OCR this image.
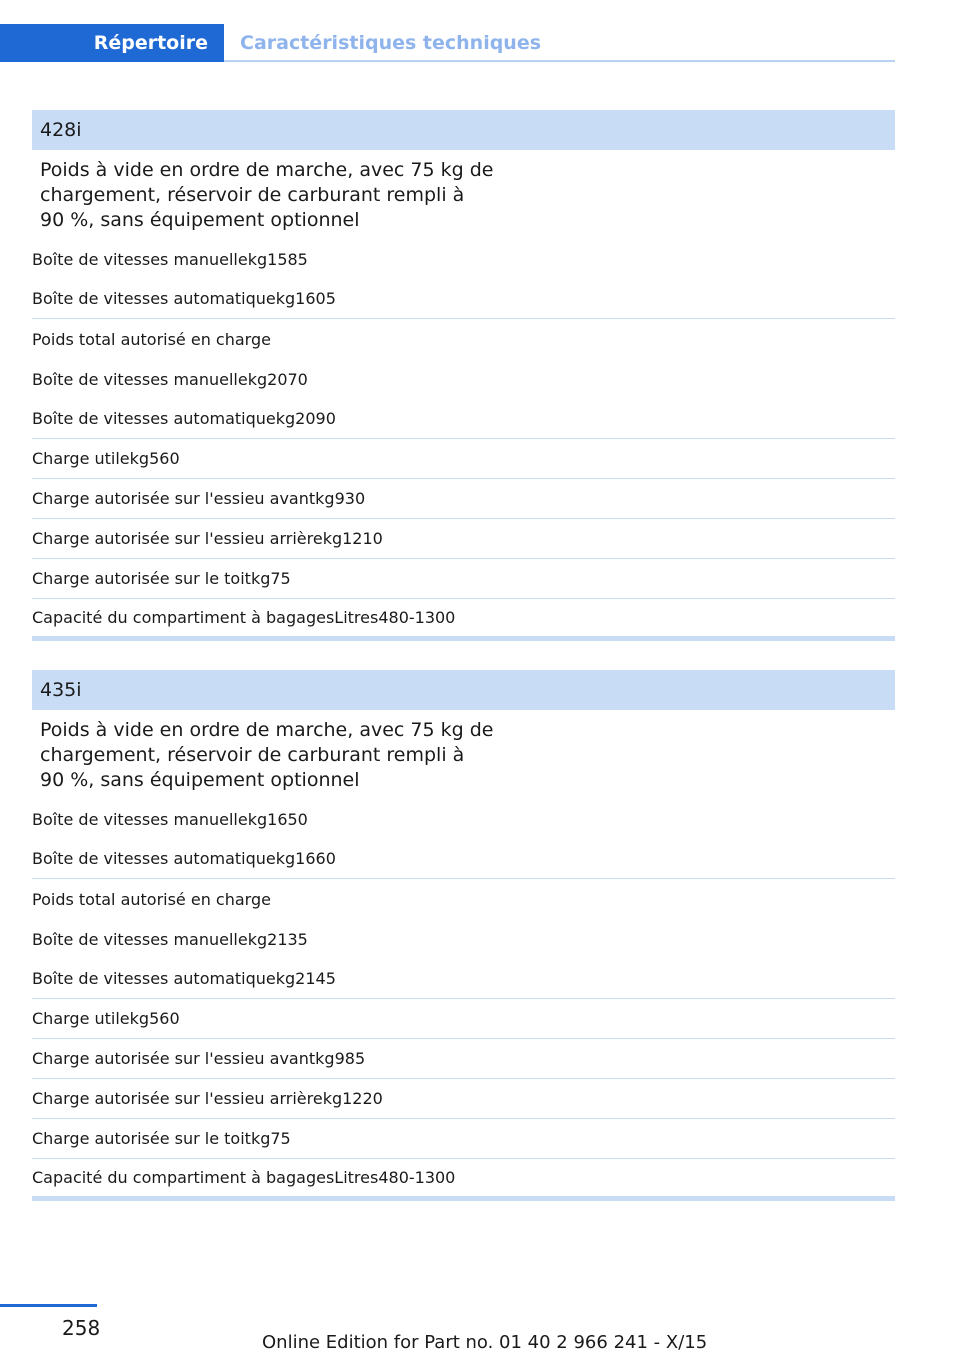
Répertoire	Caractéristiques techniques
428i
Poids à vide en ordre de marche, avec 75 kg de chargement, réservoir de carburant rempli à 90 %, sans équipement optionnel
Boîte de vitesses manuelle kg 1585
Boîte de vitesses automatique kg 1605
Poids total autorisé en charge
Boîte de vitesses manuelle kg 2070
Boîte de vitesses automatique kg 2090
Charge utile kg 560
Charge autorisée sur l'essieu avant kg 930
Charge autorisée sur l'essieu arrière kg 1210
Charge autorisée sur le toit kg 75
Capacité du compartiment à bagages Litres 480-1300
435i
Poids à vide en ordre de marche, avec 75 kg de chargement, réservoir de carburant rempli à 90 %, sans équipement optionnel
Boîte de vitesses manuelle kg 1650
Boîte de vitesses automatique kg 1660
Poids total autorisé en charge
Boîte de vitesses manuelle kg 2135
Boîte de vitesses automatique kg 2145
Charge utile kg 560
Charge autorisée sur l'essieu avant kg 985
Charge autorisée sur l'essieu arrière kg 1220
Charge autorisée sur le toit kg 75
Capacité du compartiment à bagages Litres 480-1300
258
Online Edition for Part no. 01 40 2 966 241 - X/15
